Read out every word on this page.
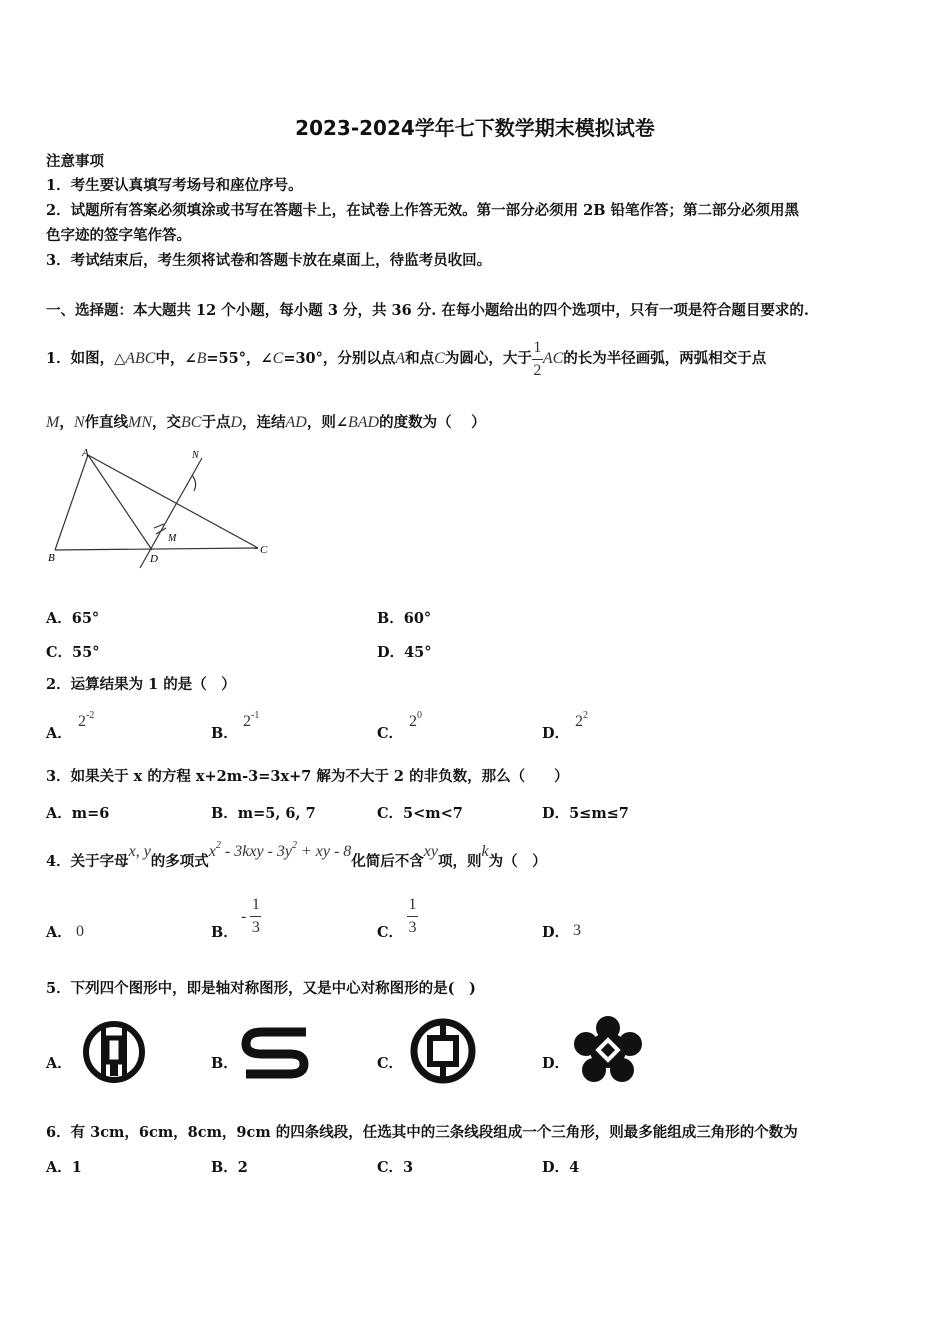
2023-2024学年七下数学期末模拟试卷
注意事项
1．考生要认真填写考场号和座位序号。
2．试题所有答案必须填涂或书写在答题卡上，在试卷上作答无效。第一部分必须用 2B 铅笔作答；第二部分必须用黑
色字迹的签字笔作答。
3．考试结束后，考生须将试卷和答题卡放在桌面上，待监考员收回。
一、选择题：本大题共 12 个小题，每小题 3 分，共 36 分. 在每小题给出的四个选项中，只有一项是符合题目要求的.
1．如图，△ ABC 中，∠ B =55°，∠ C =30°，分别以点 A 和点 C 为圆心，大于 $\frac{1}{2}$ AC 的长为半径画弧，两弧相交于点
M，N作直线MN，交BC于点D，连结AD，则∠BAD的度数为（　 ）
A
B
C
D
M
N
A．65°	B．60°
C．55°	D．45°
2．运算结果为 1 的是（　）
A．
$2^{-2}$
B．
$2^{-1}$
C．
$2^0$
D．
$2^2$
3．如果关于 x 的方程 x+2m-3=3x+7 解为不大于 2 的非负数，那么（　　）
A．m=6	B．m=5, 6, 7	C．5<m<7	D．5≤m≤7
4．关于字母
x, y
的多项式
$x^2 - 3kxy - 3y^2$ + xy - 8
化简后不含
xy
项，则
k
为（　）
A． 0	B．
- $\frac{1}{3}$	C． $\frac{1}{3}$	D． 3
5．下列四个图形中，即是轴对称图形，又是中心对称图形的是(　)
A．	B．	C．	D．
6．有 3cm，6cm，8cm，9cm 的四条线段，任选其中的三条线段组成一个三角形，则最多能组成三角形的个数为
A．1	B．2	C．3	D．4
